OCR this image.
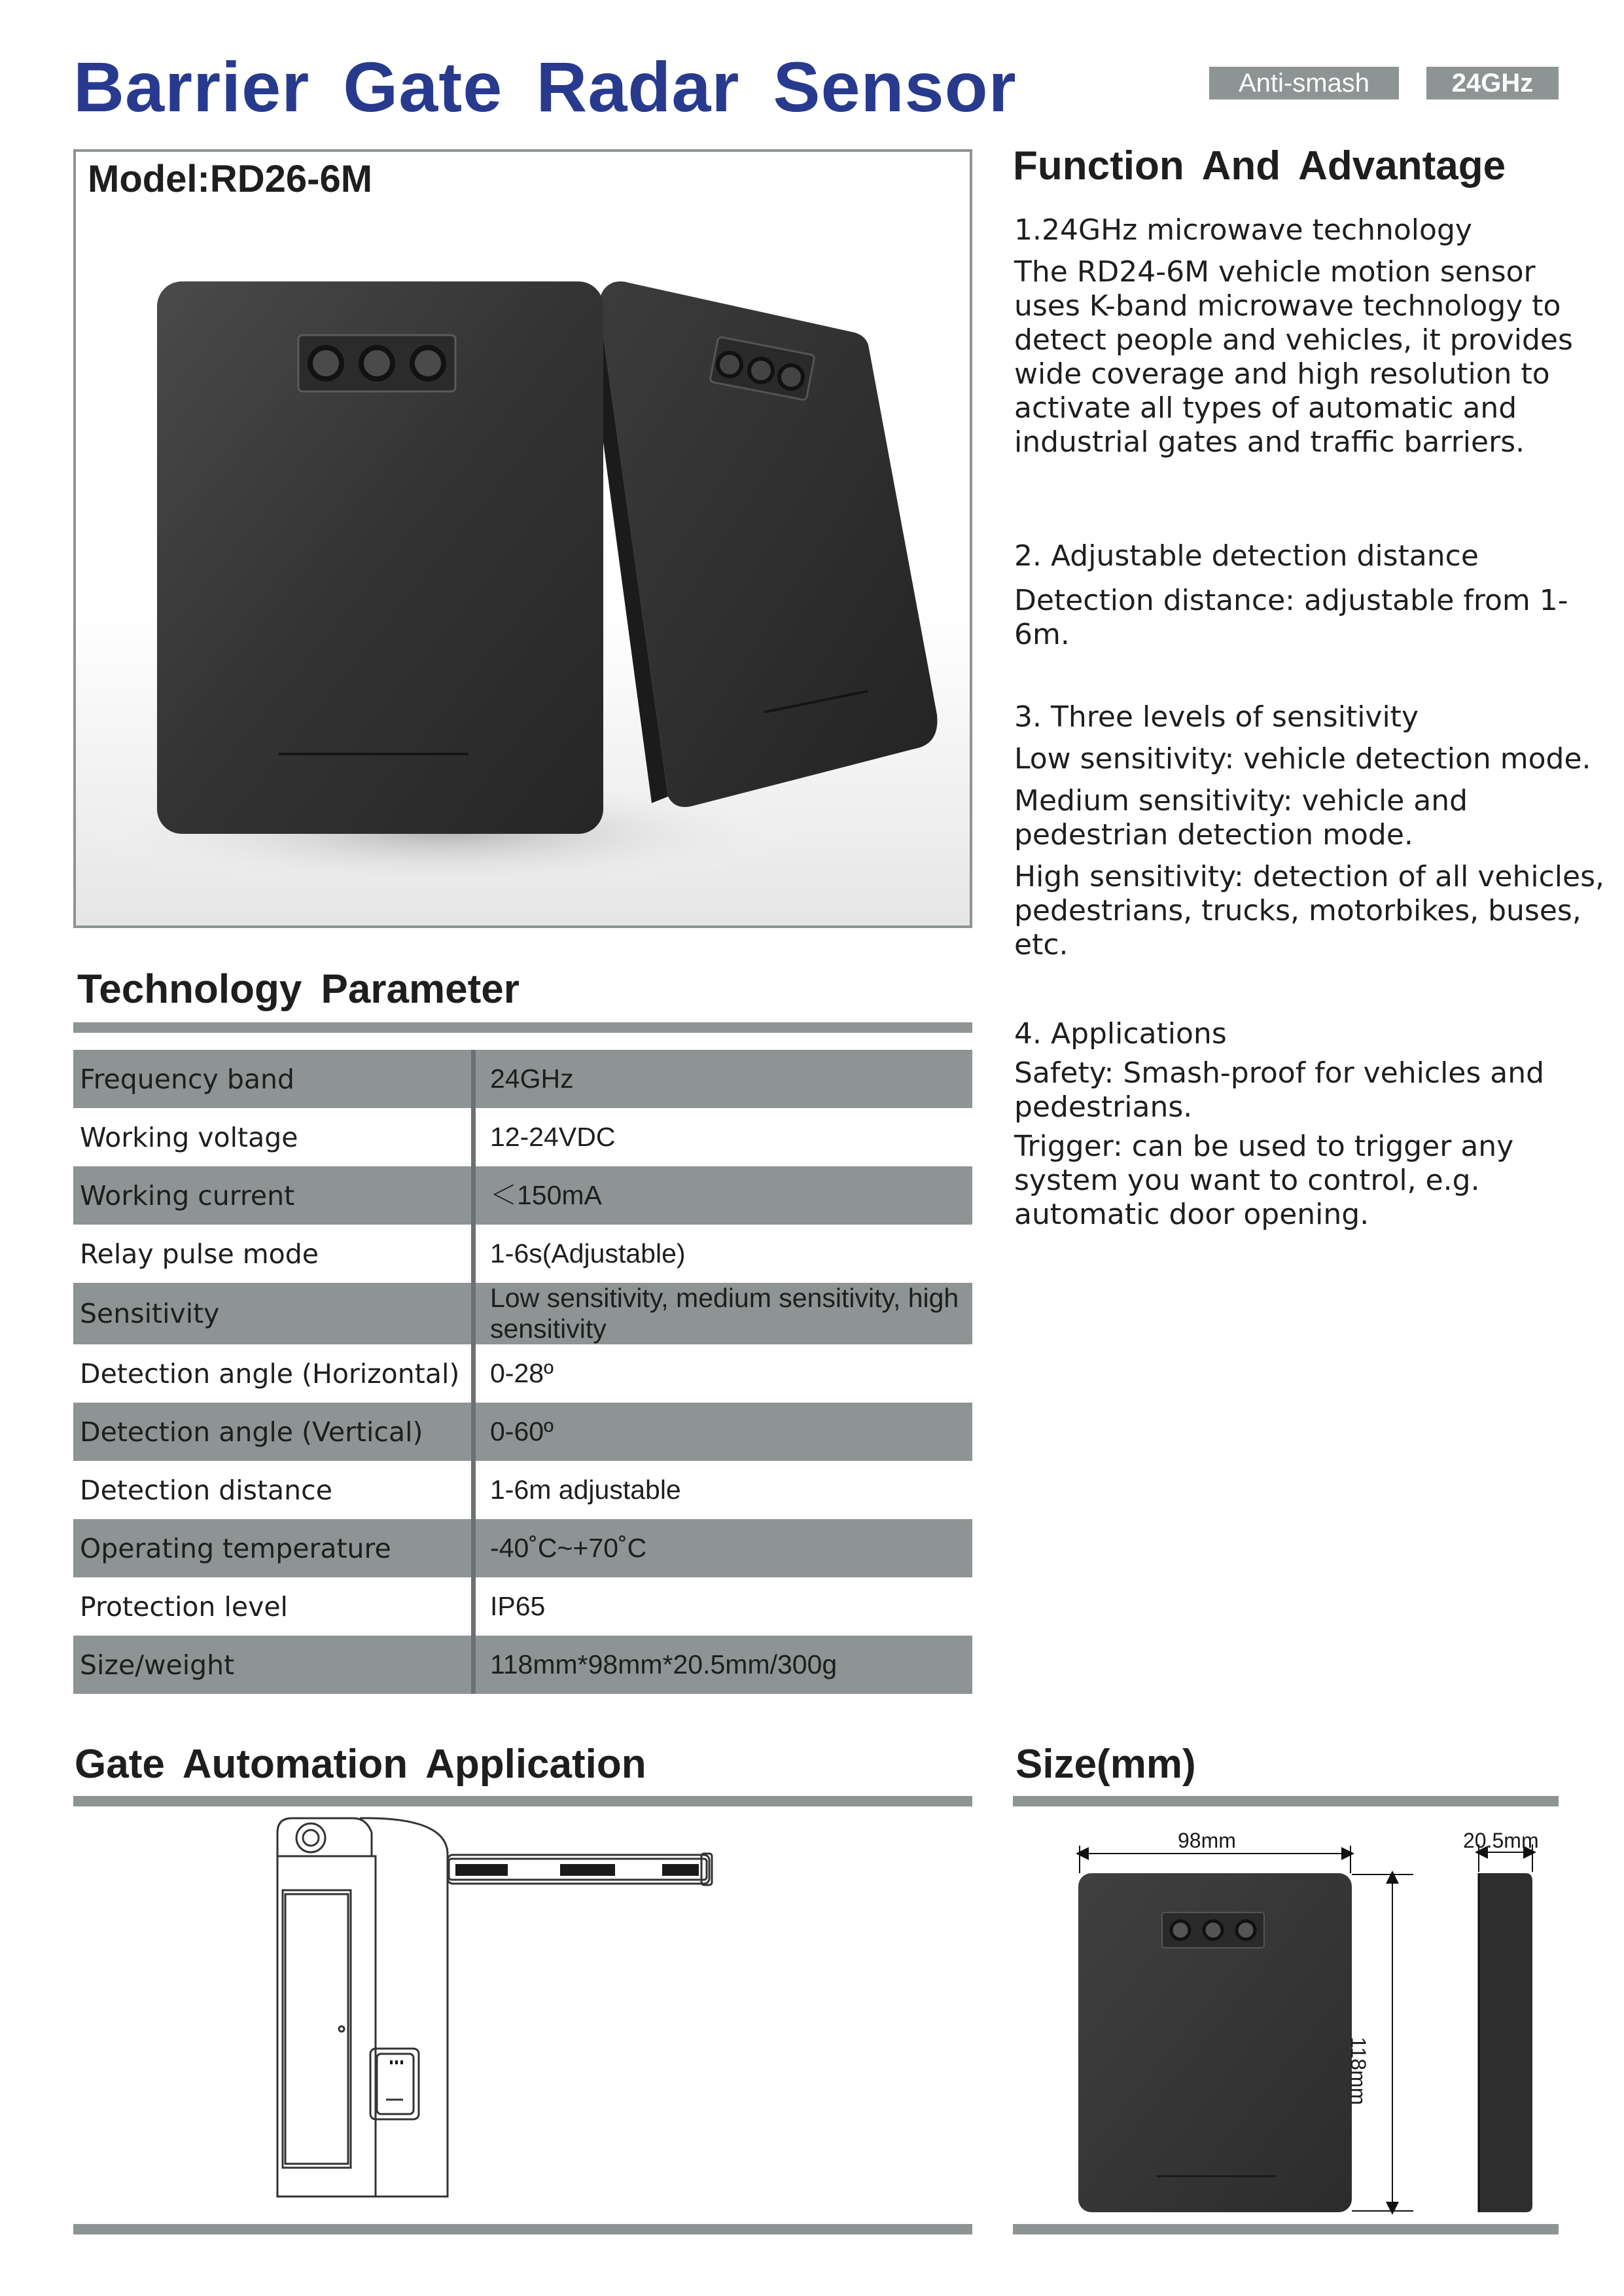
Barrier Gate Radar Sensor	Anti-smash	24GHz
Model:RD26-6M
Technology Parameter
Frequency band	24GHz
Working voltage	12-24VDC
Working current	＜150mA
Relay pulse mode	1-6s(Adjustable)
Sensitivity	Low sensitivity, medium sensitivity, high sensitivity
Detection angle (Horizontal)	0-28º
Detection angle (Vertical)	0-60º
Detection distance	1-6m adjustable
Operating temperature	-40˚C~+70˚C
Protection level	IP65
Size/weight	118mm*98mm*20.5mm/300g
Function And Advantage

1.24GHz microwave technology

The RD24-6M vehicle motion sensor uses K-band microwave technology to detect people and vehicles, it provides wide coverage and high resolution to activate all types of automatic and industrial gates and traffic barriers.

2. Adjustable detection distance

Detection distance: adjustable from 1-6m.

3. Three levels of sensitivity

Low sensitivity: vehicle detection mode.

Medium sensitivity: vehicle and pedestrian detection mode.

High sensitivity: detection of all vehicles, pedestrians, trucks, motorbikes, buses, etc.

4. Applications

Safety: Smash-proof for vehicles and pedestrians.

Trigger: can be used to trigger any system you want to control, e.g. automatic door opening.

Gate Automation Application	Size(mm)
98mm	20.5mm
118mm
